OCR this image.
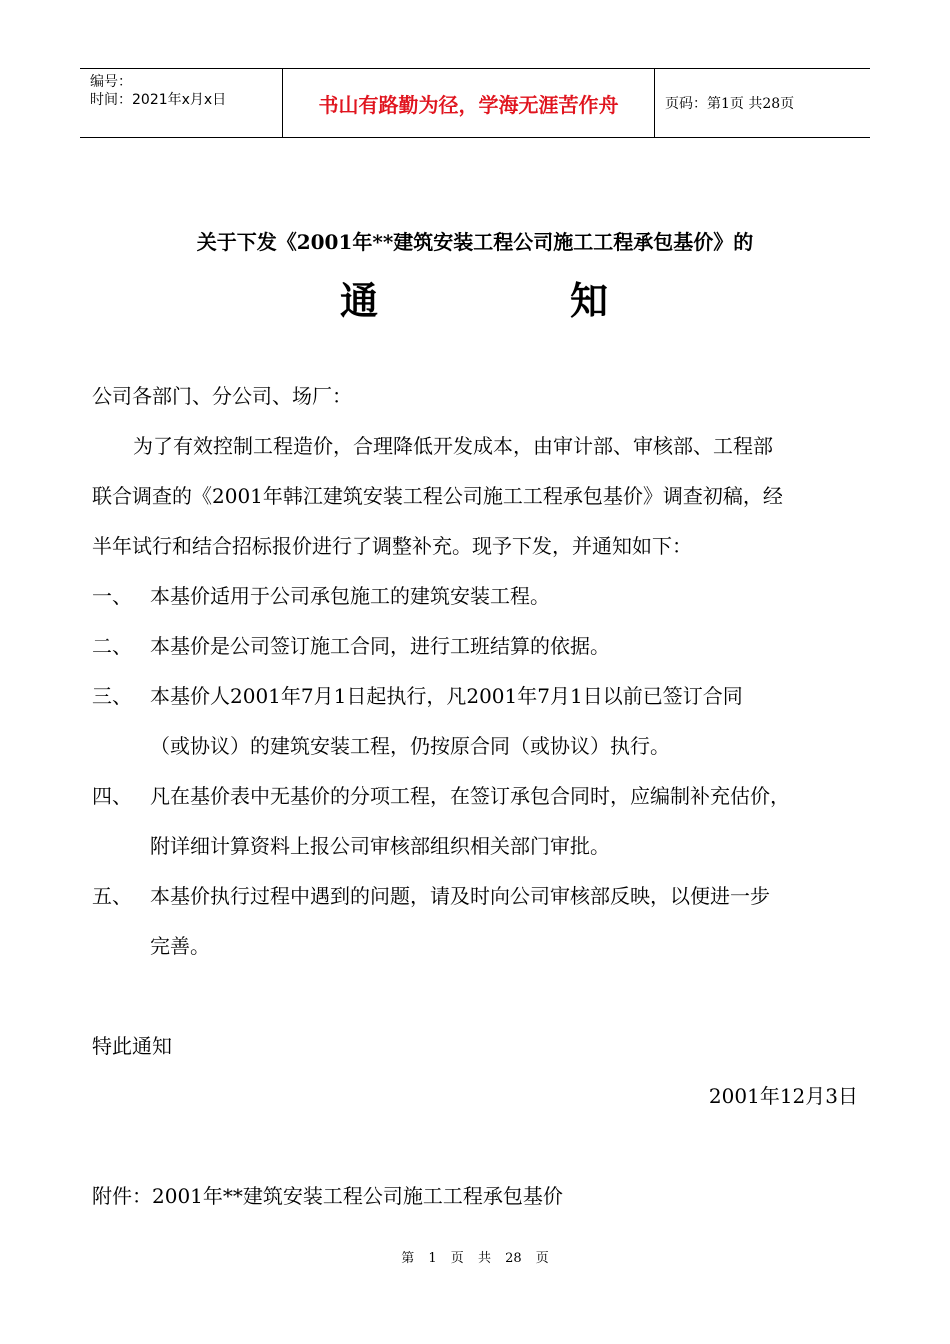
编号：
时间：2021年x月x日	书山有路勤为径，学海无涯苦作舟	页码：第1页 共28页
关于下发《2001年**建筑安装工程公司施工工程承包基价》的
通	知
公司各部门、分公司、场厂：
为了有效控制工程造价，合理降低开发成本，由审计部、审核部、工程部
联合调查的《2001年韩江建筑安装工程公司施工工程承包基价》调查初稿，经
半年试行和结合招标报价进行了调整补充。现予下发，并通知如下：
一、 本基价适用于公司承包施工的建筑安装工程。
二、 本基价是公司签订施工合同，进行工班结算的依据。
三、 本基价人2001年7月1日起执行，凡2001年7月1日以前已签订合同
（或协议）的建筑安装工程，仍按原合同（或协议）执行。
四、 凡在基价表中无基价的分项工程，在签订承包合同时，应编制补充估价，
附详细计算资料上报公司审核部组织相关部门审批。
五、 本基价执行过程中遇到的问题，请及时向公司审核部反映，以便进一步
完善。
特此通知
2001年12月3日
附件：2001年**建筑安装工程公司施工工程承包基价
第 1 页 共 28 页
